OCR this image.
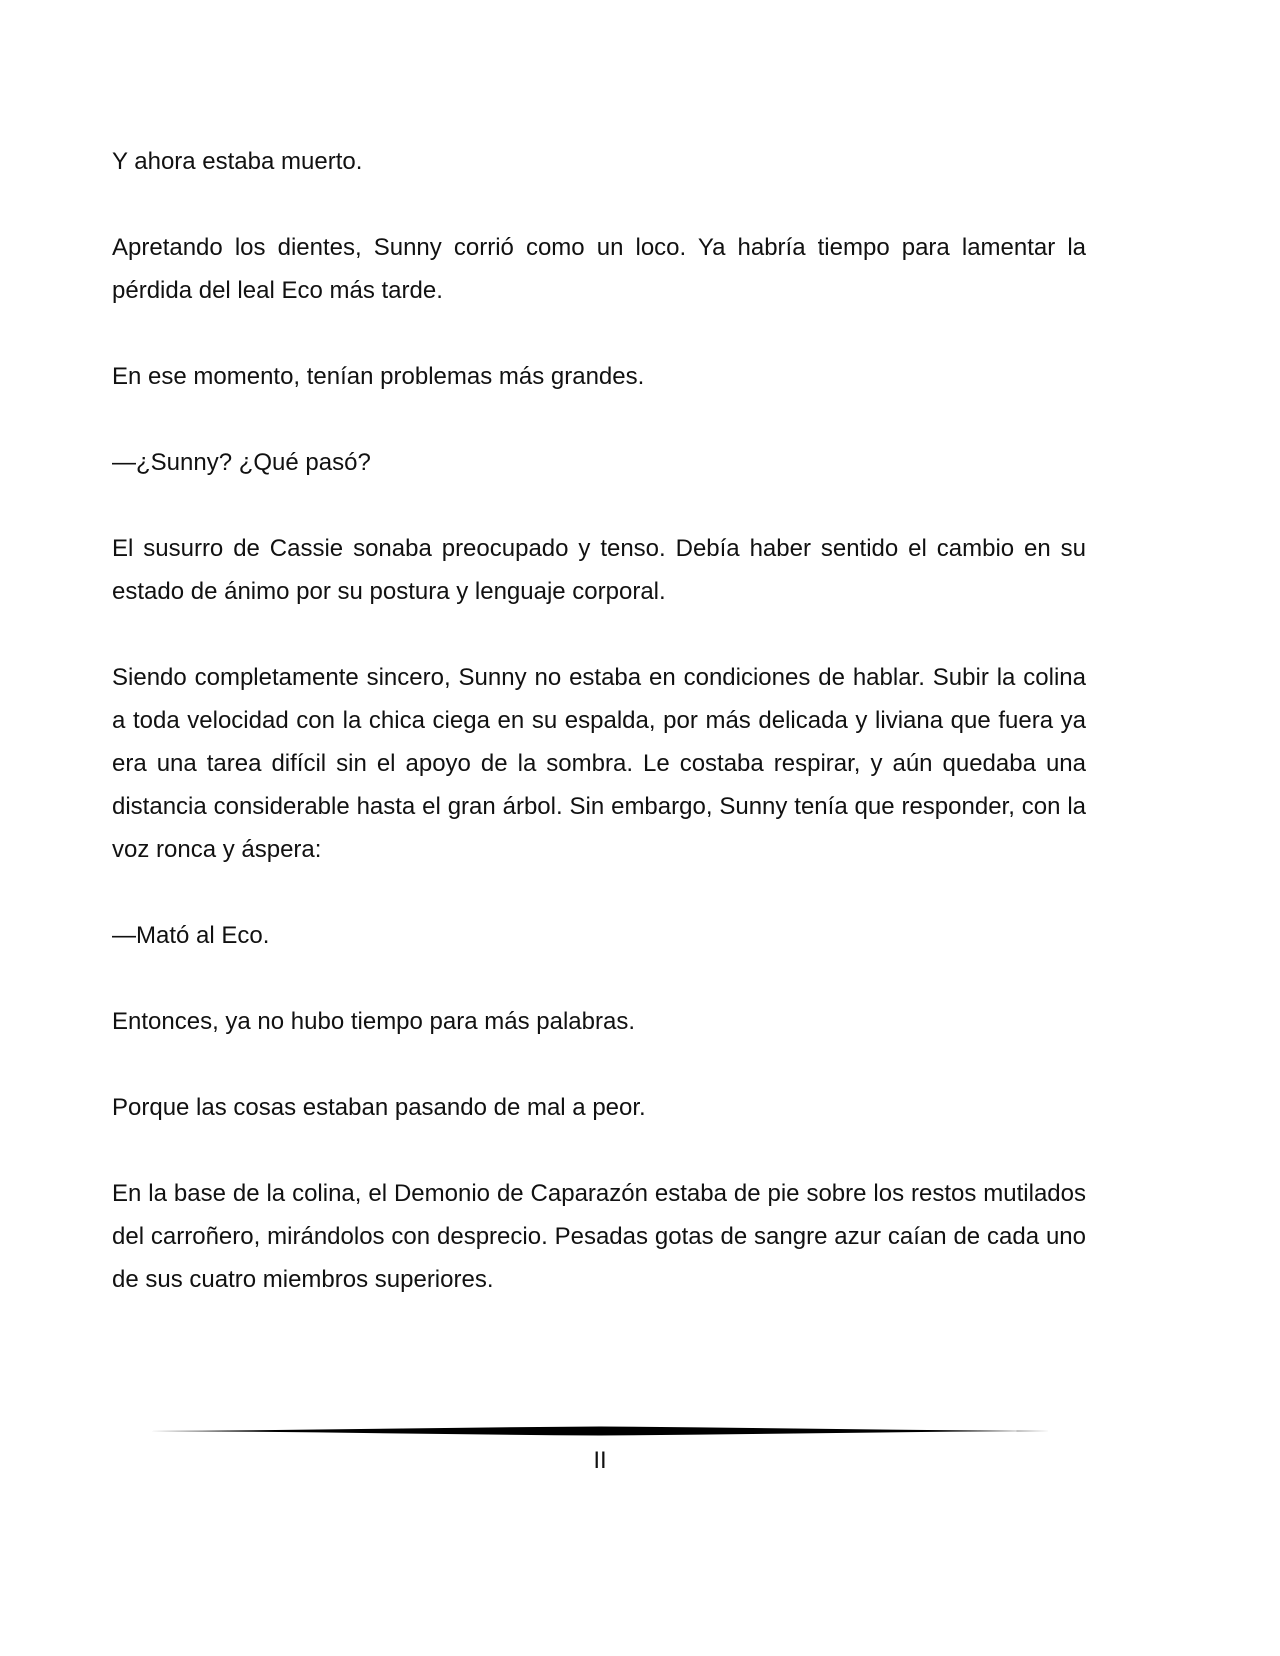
Y ahora estaba muerto.

Apretando los dientes, Sunny corrió como un loco. Ya habría tiempo para lamentar la pérdida del leal Eco más tarde.

En ese momento, tenían problemas más grandes.

—¿Sunny? ¿Qué pasó?

El susurro de Cassie sonaba preocupado y tenso. Debía haber sentido el cambio en su estado de ánimo por su postura y lenguaje corporal.

Siendo completamente sincero, Sunny no estaba en condiciones de hablar. Subir la colina a toda velocidad con la chica ciega en su espalda, por más delicada y liviana que fuera ya era una tarea difícil sin el apoyo de la sombra. Le costaba respirar, y aún quedaba una distancia considerable hasta el gran árbol. Sin embargo, Sunny tenía que responder, con la voz ronca y áspera:

—Mató al Eco.

Entonces, ya no hubo tiempo para más palabras.

Porque las cosas estaban pasando de mal a peor.

En la base de la colina, el Demonio de Caparazón estaba de pie sobre los restos mutilados del carroñero, mirándolos con desprecio. Pesadas gotas de sangre azur caían de cada uno de sus cuatro miembros superiores.

II
